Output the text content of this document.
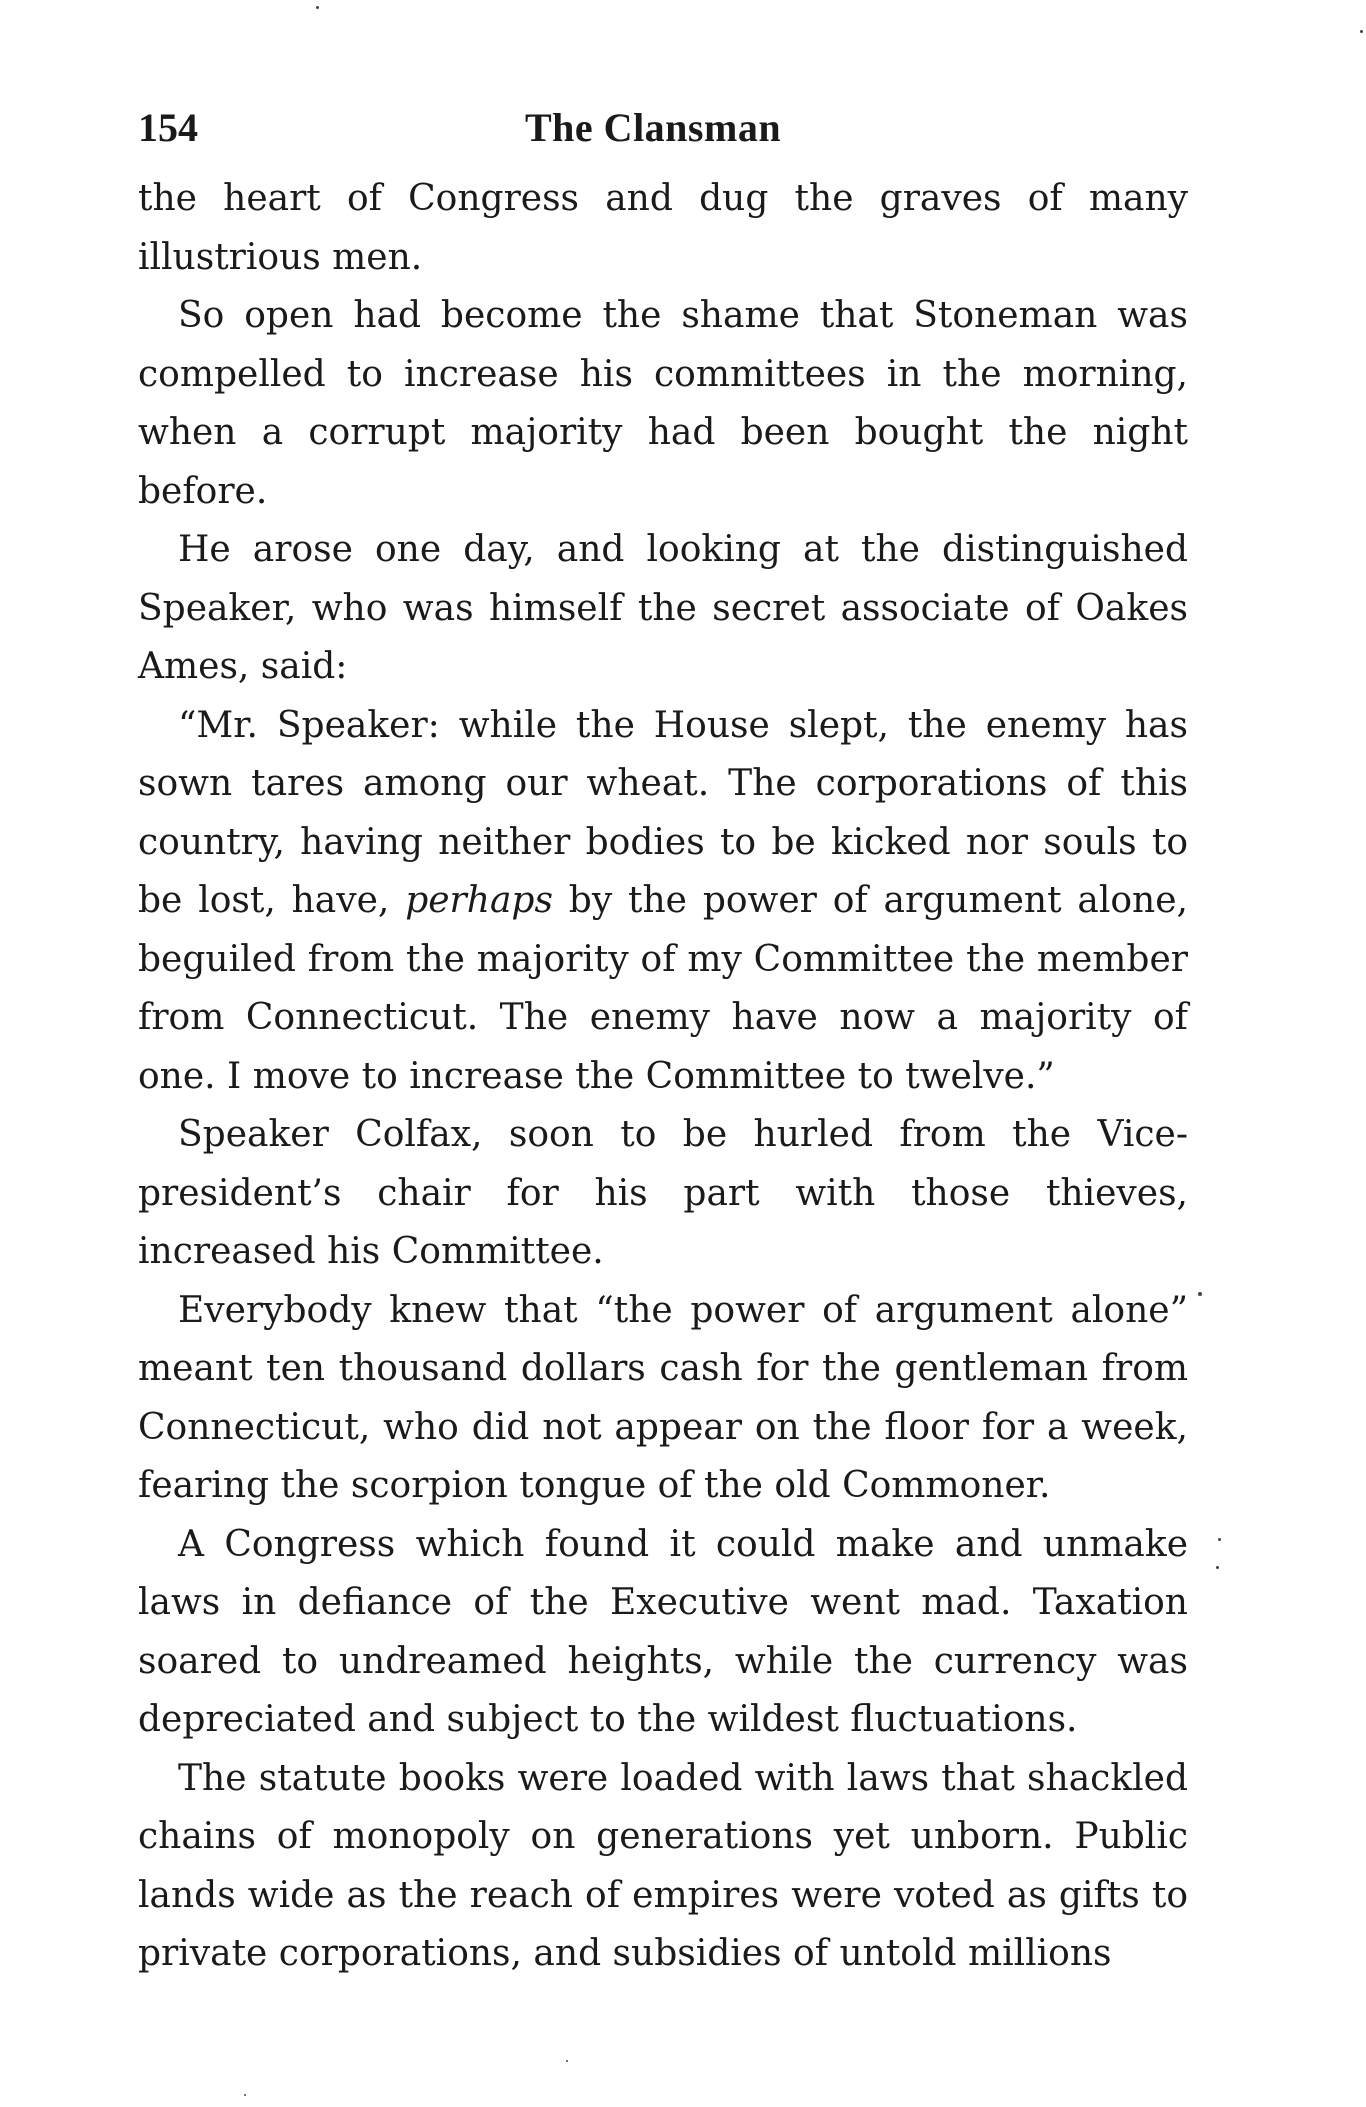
154	The Clansman

the heart of Congress and dug the graves of many illustrious men.

So open had become the shame that Stoneman was compelled to increase his committees in the morning, when a corrupt majority had been bought the night before.

He arose one day, and looking at the distinguished Speaker, who was himself the secret associate of Oakes Ames, said:

“Mr. Speaker: while the House slept, the enemy has sown tares among our wheat. The corporations of this country, having neither bodies to be kicked nor souls to be lost, have, perhaps by the power of argument alone, beguiled from the majority of my Committee the member from Connecticut. The enemy have now a majority of one. I move to increase the Committee to twelve.”

Speaker Colfax, soon to be hurled from the Vice-president’s chair for his part with those thieves, increased his Committee.

Everybody knew that “the power of argument alone” meant ten thousand dollars cash for the gentleman from Connecticut, who did not appear on the floor for a week, fearing the scorpion tongue of the old Commoner.

A Congress which found it could make and unmake laws in defiance of the Executive went mad. Taxation soared to undreamed heights, while the currency was depreciated and subject to the wildest fluctuations.

The statute books were loaded with laws that shackled chains of monopoly on generations yet unborn. Public lands wide as the reach of empires were voted as gifts to private corporations, and subsidies of untold millions
